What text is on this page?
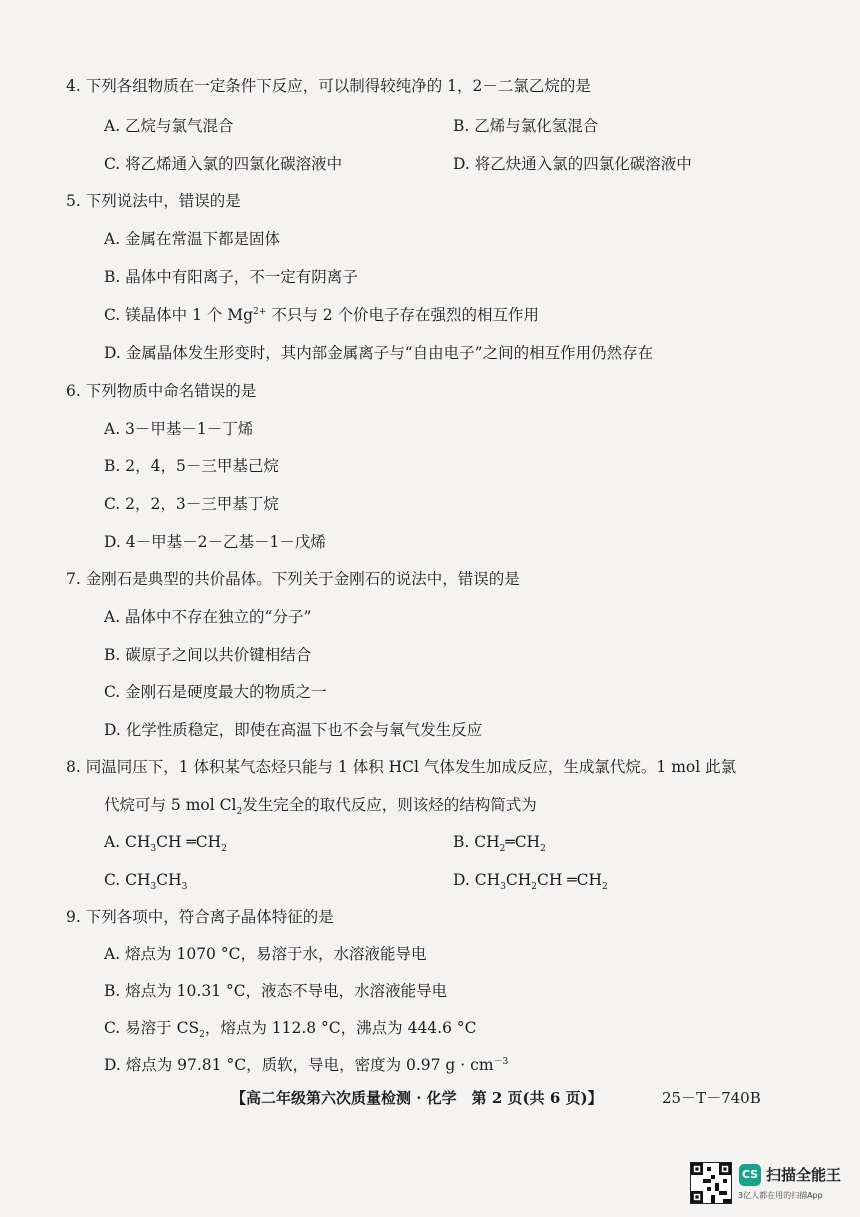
4. 下列各组物质在一定条件下反应，可以制得较纯净的 1，2－二氯乙烷的是
A. 乙烷与氯气混合	B. 乙烯与氯化氢混合
C. 将乙烯通入氯的四氯化碳溶液中	D. 将乙炔通入氯的四氯化碳溶液中
5. 下列说法中，错误的是
A. 金属在常温下都是固体
B. 晶体中有阳离子，不一定有阴离子
C. 镁晶体中 1 个 $Mg^{2+}$ 不只与 2 个价电子存在强烈的相互作用
D. 金属晶体发生形变时，其内部金属离子与“自由电子”之间的相互作用仍然存在
6. 下列物质中命名错误的是
A. 3－甲基－1－丁烯
B. 2，4，5－三甲基己烷
C. 2，2，3－三甲基丁烷
D. 4－甲基－2－乙基－1－戊烯
7. 金刚石是典型的共价晶体。下列关于金刚石的说法中，错误的是
A. 晶体中不存在独立的“分子”
B. 碳原子之间以共价键相结合
C. 金刚石是硬度最大的物质之一
D. 化学性质稳定，即使在高温下也不会与氧气发生反应
8. 同温同压下，1 体积某气态烃只能与 1 体积 HCl 气体发生加成反应，生成氯代烷。1 mol 此氯
代烷可与 5 mol $Cl_2$发生完全的取代反应，则该烃的结构简式为
A. $CH_3CH$ $═CH_2$	B. $CH_2═CH_2$
C. $CH_3CH_3$	D. $CH_3CH_2CH$ $═CH_2$
9. 下列各项中，符合离子晶体特征的是
A. 熔点为 1070 °C，易溶于水，水溶液能导电
B. 熔点为 10.31 °C，液态不导电，水溶液能导电
C. 易溶于 $CS_2$，熔点为 112.8 °C，沸点为 444.6 °C
D. 熔点为 97.81 °C，质软，导电，密度为 0.97 $g \cdot cm^{-3}$
【高二年级第六次质量检测 · 化学　第 2 页(共 6 页)】	25－T－740B
CS 扫描全能王
3亿人都在用的扫描App
